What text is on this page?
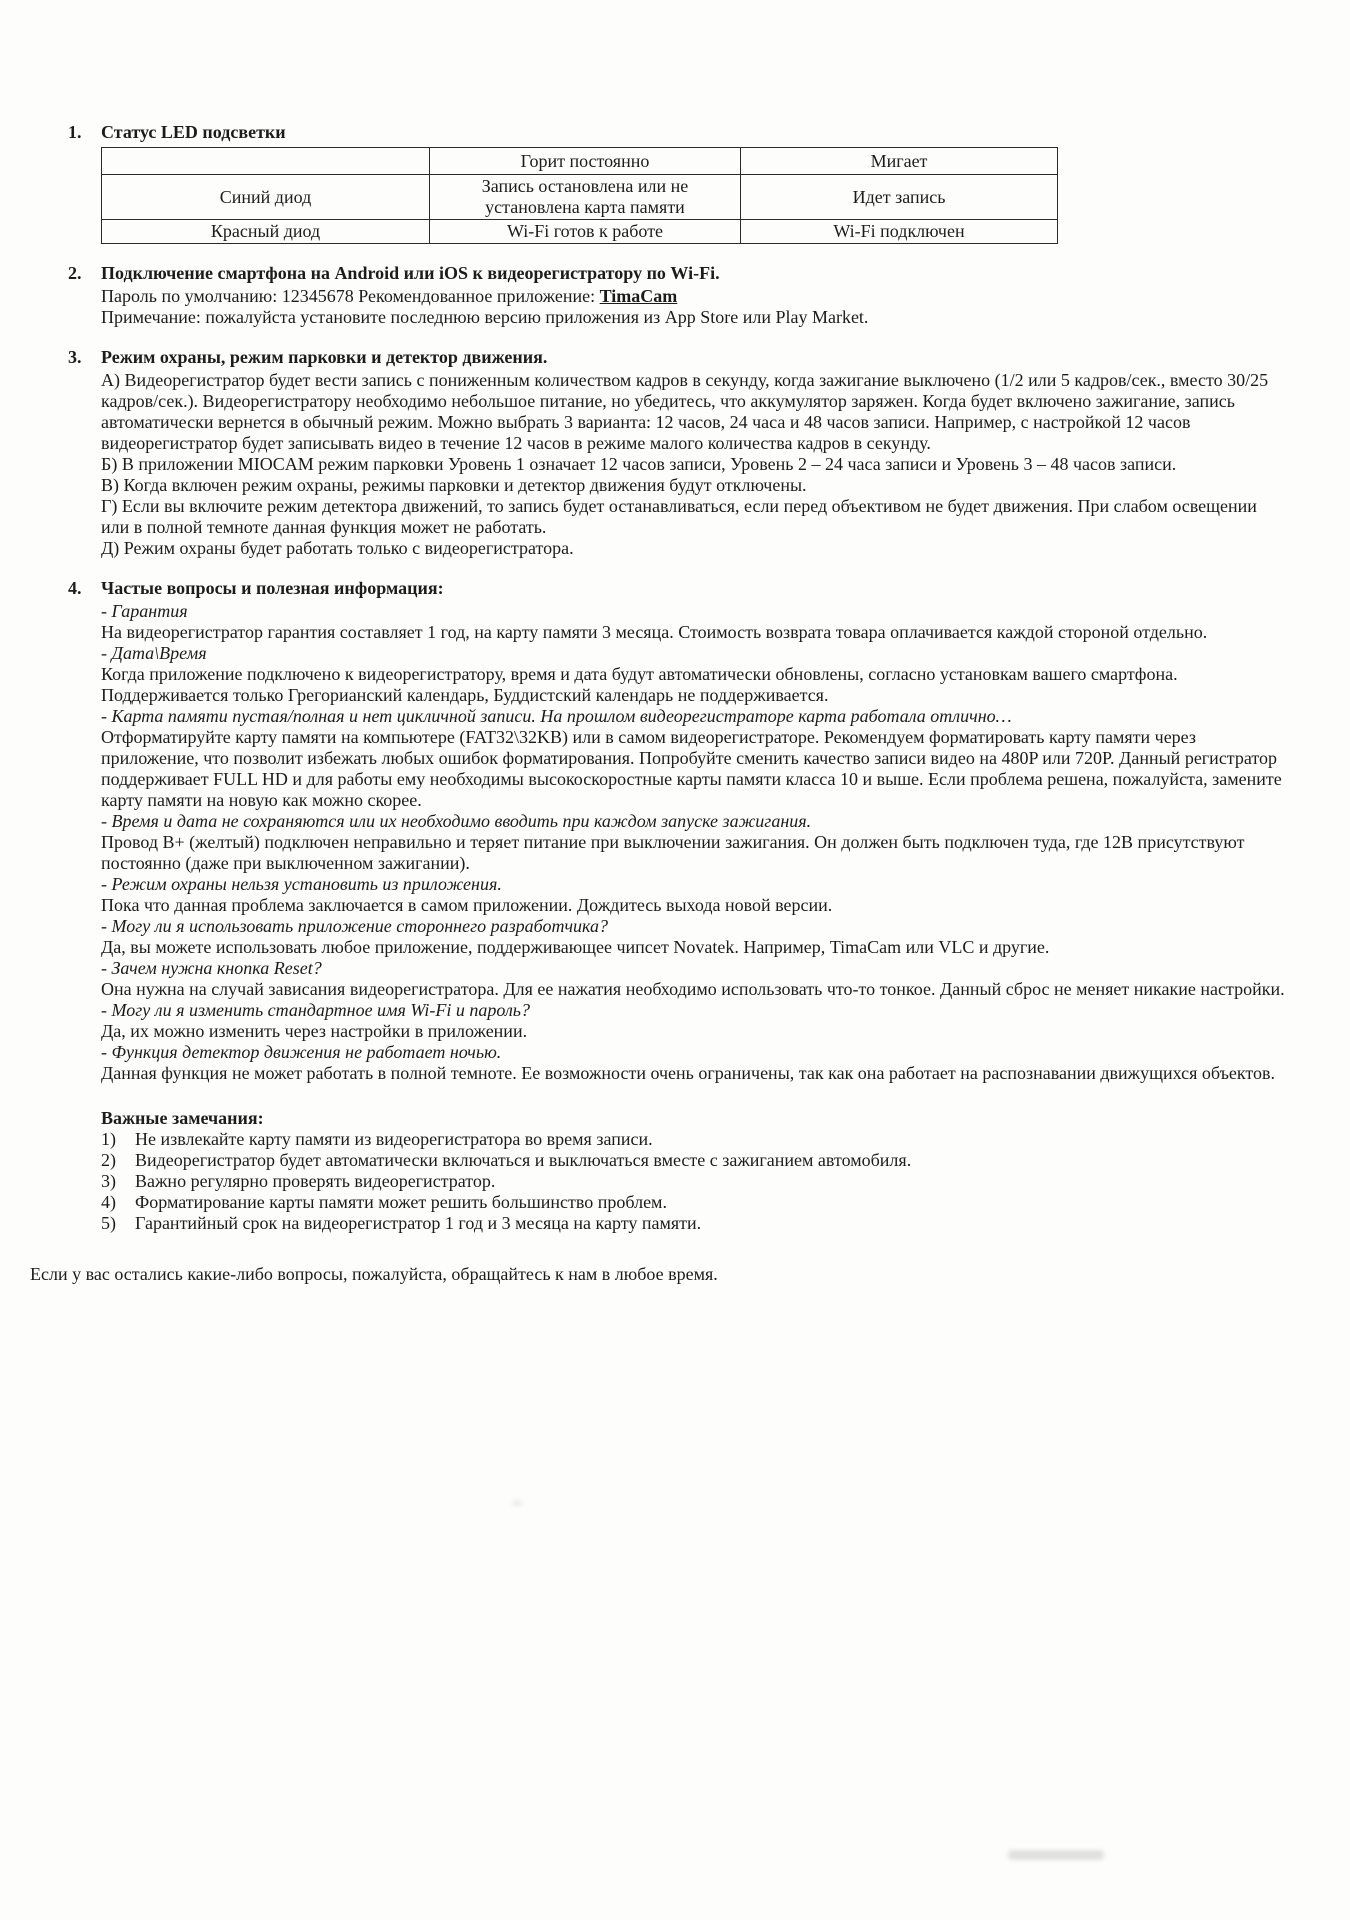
1.	Статус LED подсветки
	Горит постоянно	Мигает
Синий диод	Запись остановлена или не установлена карта памяти	Идет запись
Красный диод	Wi-Fi готов к работе	Wi-Fi подключен
2.	Подключение смартфона на Android или iOS к видеорегистратору по Wi-Fi.
Пароль по умолчанию: 12345678 Рекомендованное приложение: TimaCam
Примечание: пожалуйста установите последнюю версию приложения из App Store или Play Market.
3.	Режим охраны, режим парковки и детектор движения.
А) Видеорегистратор будет вести запись с пониженным количеством кадров в секунду, когда зажигание выключено (1/2 или 5 кадров/сек., вместо 30/25 кадров/сек.). Видеорегистратору необходимо небольшое питание, но убедитесь, что аккумулятор заряжен. Когда будет включено зажигание, запись автоматически вернется в обычный режим. Можно выбрать 3 варианта: 12 часов, 24 часа и 48 часов записи. Например, с настройкой 12 часов видеорегистратор будет записывать видео в течение 12 часов в режиме малого количества кадров в секунду.
Б) В приложении MIOCAM режим парковки Уровень 1 означает 12 часов записи, Уровень 2 – 24 часа записи и Уровень 3 – 48 часов записи.
В) Когда включен режим охраны, режимы парковки и детектор движения будут отключены.
Г) Если вы включите режим детектора движений, то запись будет останавливаться, если перед объективом не будет движения. При слабом освещении или в полной темноте данная функция может не работать.
Д) Режим охраны будет работать только с видеорегистратора.
4.	Частые вопросы и полезная информация:
- Гарантия
На видеорегистратор гарантия составляет 1 год, на карту памяти 3 месяца. Стоимость возврата товара оплачивается каждой стороной отдельно.
- Дата\Время
Когда приложение подключено к видеорегистратору, время и дата будут автоматически обновлены, согласно установкам вашего смартфона. Поддерживается только Грегорианский календарь, Буддистский календарь не поддерживается.
- Карта памяти пустая/полная и нет цикличной записи. На прошлом видеорегистраторе карта работала отлично…
Отформатируйте карту памяти на компьютере (FAT32\32KB) или в самом видеорегистраторе. Рекомендуем форматировать карту памяти через приложение, что позволит избежать любых ошибок форматирования. Попробуйте сменить качество записи видео на 480P или 720P. Данный регистратор поддерживает FULL HD и для работы ему необходимы высокоскоростные карты памяти класса 10 и выше. Если проблема решена, пожалуйста, замените карту памяти на новую как можно скорее.
- Время и дата не сохраняются или их необходимо вводить при каждом запуске зажигания.
Провод B+ (желтый) подключен неправильно и теряет питание при выключении зажигания. Он должен быть подключен туда, где 12В присутствуют постоянно (даже при выключенном зажигании).
- Режим охраны нельзя установить из приложения.
Пока что данная проблема заключается в самом приложении. Дождитесь выхода новой версии.
- Могу ли я использовать приложение стороннего разработчика?
Да, вы можете использовать любое приложение, поддерживающее чипсет Novatek. Например, TimaCam или VLC и другие.
- Зачем нужна кнопка Reset?
Она нужна на случай зависания видеорегистратора. Для ее нажатия необходимо использовать что-то тонкое. Данный сброс не меняет никакие настройки.
- Могу ли я изменить стандартное имя Wi-Fi и пароль?
Да, их можно изменить через настройки в приложении.
- Функция детектор движения не работает ночью.
Данная функция не может работать в полной темноте. Ее возможности очень ограничены, так как она работает на распознавании движущихся объектов.
Важные замечания:
1)	Не извлекайте карту памяти из видеорегистратора во время записи.
2)	Видеорегистратор будет автоматически включаться и выключаться вместе с зажиганием автомобиля.
3)	Важно регулярно проверять видеорегистратор.
4)	Форматирование карты памяти может решить большинство проблем.
5)	Гарантийный срок на видеорегистратор 1 год и 3 месяца на карту памяти.
Если у вас остались какие-либо вопросы, пожалуйста, обращайтесь к нам в любое время.
